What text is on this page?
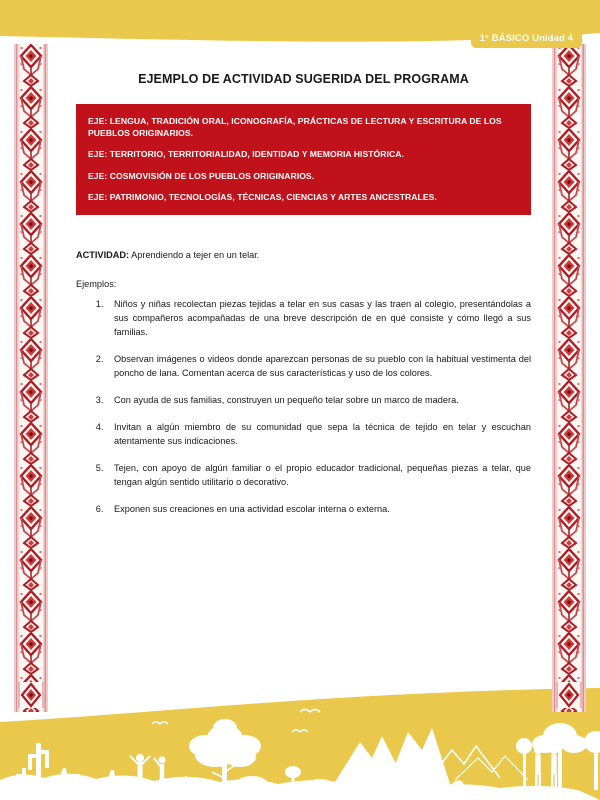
1° BÁSICO Unidad 4
EJEMPLO DE ACTIVIDAD SUGERIDA DEL PROGRAMA

EJE: LENGUA, TRADICIÓN ORAL, ICONOGRAFÍA, PRÁCTICAS DE LECTURA Y ESCRITURA DE LOS PUEBLOS ORIGINARIOS.

EJE: TERRITORIO, TERRITORIALIDAD, IDENTIDAD Y MEMORIA HISTÓRICA.

EJE: COSMOVISIÓN DE LOS PUEBLOS ORIGINARIOS.

EJE: PATRIMONIO, TECNOLOGÍAS, TÉCNICAS, CIENCIAS Y ARTES ANCESTRALES.

ACTIVIDAD: Aprendiendo a tejer en un telar.
Ejemplos:
1. Niños y niñas recolectan piezas tejidas a telar en sus casas y las traen al colegio, presentándolas a sus compañeros acompañadas de una breve descripción de en qué consiste y cómo llegó a sus familias.
2. Observan imágenes o videos donde aparezcan personas de su pueblo con la habitual vestimenta del poncho de lana. Comentan acerca de sus características y uso de los colores.
3. Con ayuda de sus familias, construyen un pequeño telar sobre un marco de madera.
4. Invitan a algún miembro de su comunidad que sepa la técnica de tejido en telar y escuchan atentamente sus indicaciones.
5. Tejen, con apoyo de algún familiar o el propio educador tradicional, pequeñas piezas a telar, que tengan algún sentido utilitario o decorativo.
6. Exponen sus creaciones en una actividad escolar interna o externa.
